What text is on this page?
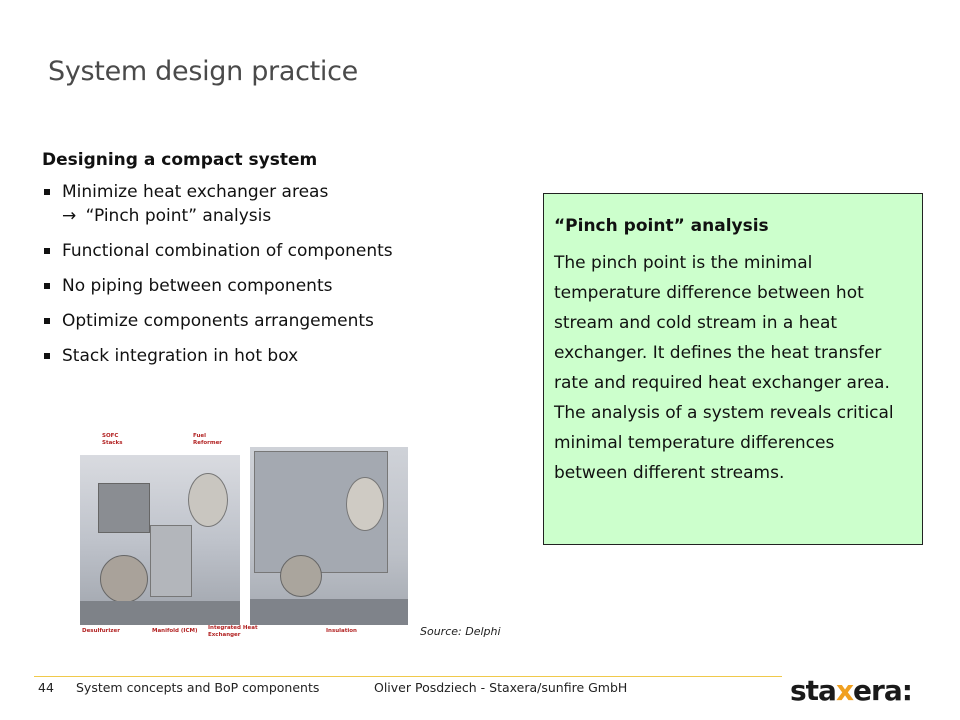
System design practice

Designing a compact system

Minimize heat exchanger areas
→ “Pinch point” analysis
Functional combination of components
No piping between components
Optimize components arrangements
Stack integration in hot box

“Pinch point” analysis

The pinch point is the minimal temperature difference between hot stream and cold stream in a heat exchanger. It defines the heat transfer rate and required heat exchanger area. The analysis of a system reveals critical minimal temperature differences between different streams.

SOFC
Stacks
Fuel
Reformer
Desulfurizer	Manifold (ICM) Integrated Heat
Exchanger
Insulation	Source: Delphi
44 System concepts and BoP components	Oliver Posdziech - Staxera/sunfire GmbH	staxera:
